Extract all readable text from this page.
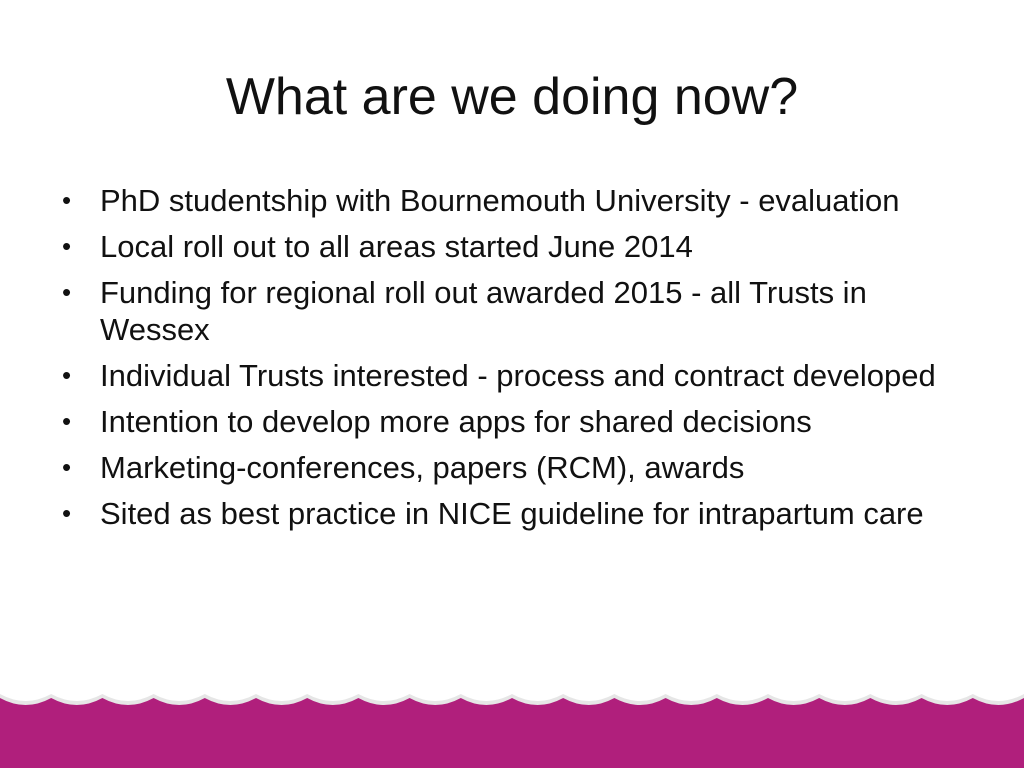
What are we doing now?
• PhD studentship with Bournemouth University - evaluation
• Local roll out to all areas started June 2014
• Funding for regional roll out awarded 2015 - all Trusts in Wessex
• Individual Trusts interested - process and contract developed
• Intention to develop more apps for shared decisions
• Marketing-conferences, papers (RCM), awards
• Sited as best practice in NICE guideline for intrapartum care
